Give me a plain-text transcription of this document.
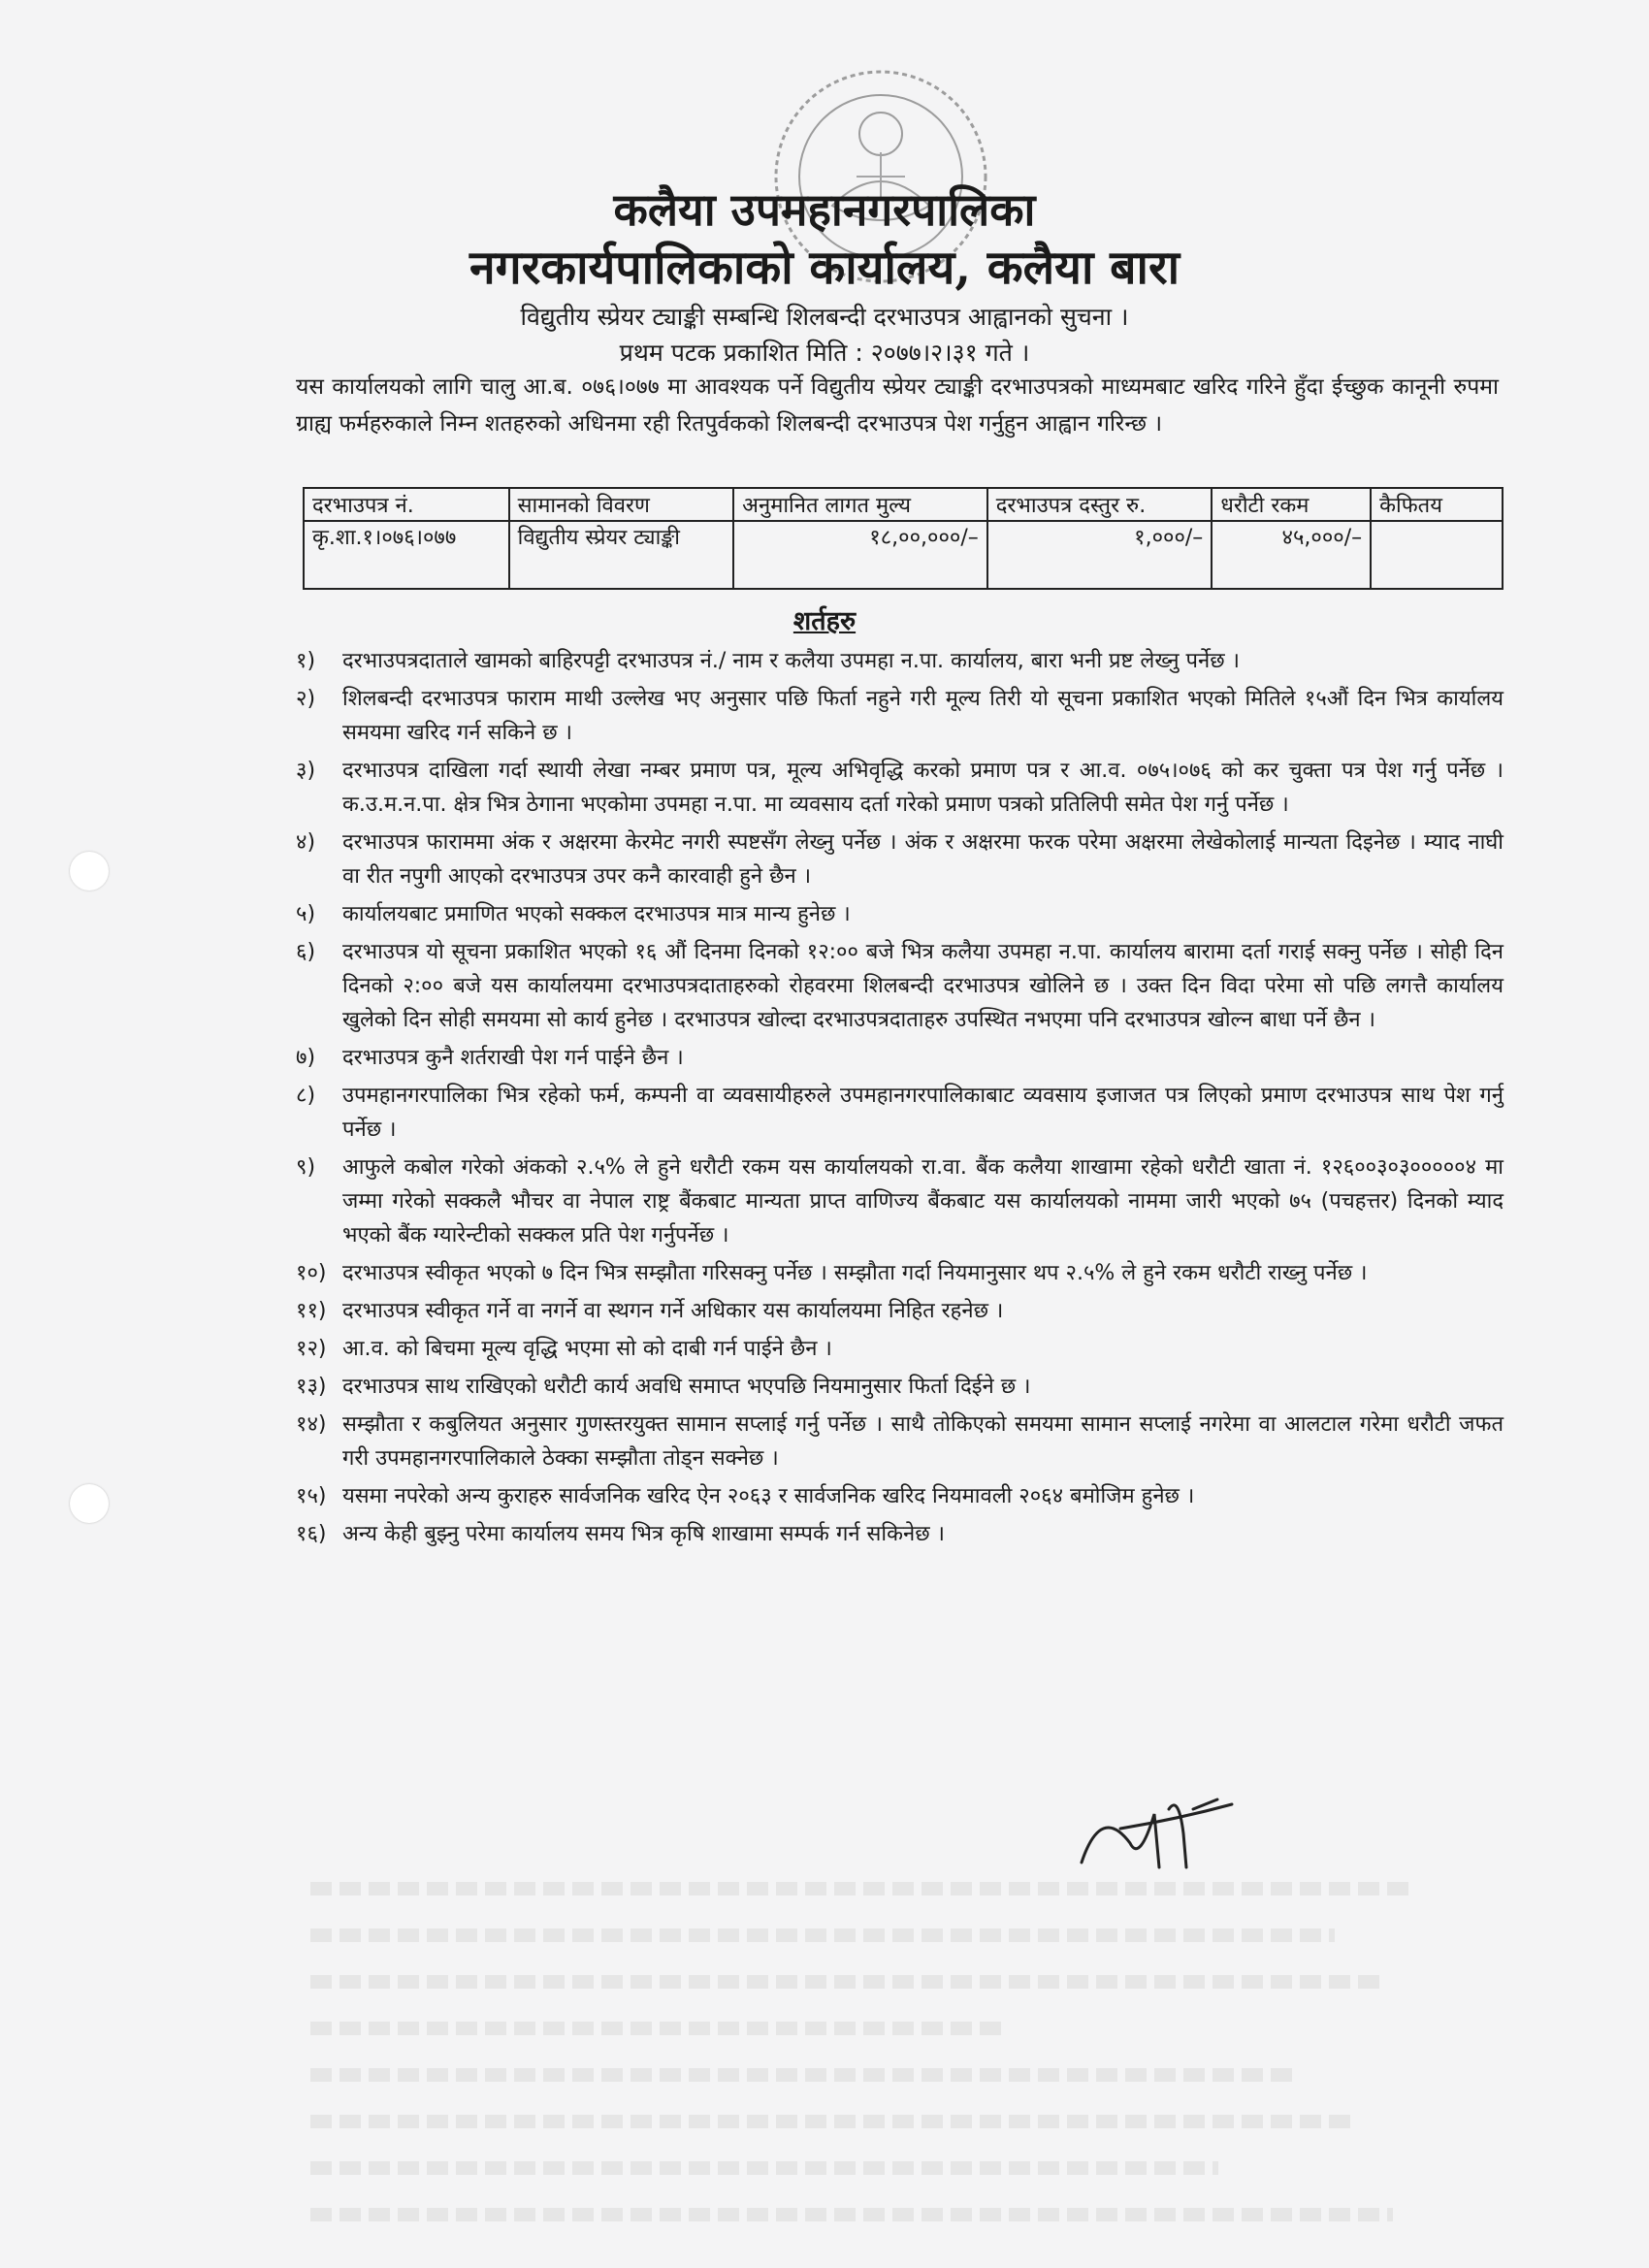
कलैया उपमहानगरपालिका
नगरकार्यपालिकाको कार्यालय, कलैया बारा
विद्युतीय स्प्रेयर ट्याङ्की सम्बन्धि शिलबन्दी दरभाउपत्र आह्वानको सुचना ।
प्रथम पटक प्रकाशित मिति : २०७७।२।३१ गते ।
यस कार्यालयको लागि चालु आ.ब. ०७६।०७७ मा आवश्यक पर्ने विद्युतीय स्प्रेयर ट्याङ्की दरभाउपत्रको माध्यमबाट खरिद गरिने हुँदा ईच्छुक कानूनी रुपमा ग्राह्य फर्महरुकाले निम्न शतहरुको अधिनमा रही रितपुर्वकको शिलबन्दी दरभाउपत्र पेश गर्नुहुन आह्वान गरिन्छ ।
दरभाउपत्र नं.	सामानको विवरण	अनुमानित लागत मुल्य	दरभाउपत्र दस्तुर रु.	धरौटी रकम	कैफितय
कृ.शा.१।०७६।०७७	विद्युतीय स्प्रेयर ट्याङ्की	१८,००,०००/–	१,०००/–	४५,०००/–	
शर्तहरु
१)	दरभाउपत्रदाताले खामको बाहिरपट्टी दरभाउपत्र नं./ नाम र कलैया उपमहा न.पा. कार्यालय, बारा भनी प्रष्ट लेख्नु पर्नेछ ।
२)	शिलबन्दी दरभाउपत्र फाराम माथी उल्लेख भए अनुसार पछि फिर्ता नहुने गरी मूल्य तिरी यो सूचना प्रकाशित भएको मितिले १५औं दिन भित्र कार्यालय समयमा खरिद गर्न सकिने छ ।
३)	दरभाउपत्र दाखिला गर्दा स्थायी लेखा नम्बर प्रमाण पत्र, मूल्य अभिवृद्धि करको प्रमाण पत्र र आ.व. ०७५।०७६ को कर चुक्ता पत्र पेश गर्नु पर्नेछ । क.उ.म.न.पा. क्षेत्र भित्र ठेगाना भएकोमा उपमहा न.पा. मा व्यवसाय दर्ता गरेको प्रमाण पत्रको प्रतिलिपी समेत पेश गर्नु पर्नेछ ।
४)	दरभाउपत्र फाराममा अंक र अक्षरमा केरमेट नगरी स्पष्टसँग लेख्नु पर्नेछ । अंक र अक्षरमा फरक परेमा अक्षरमा लेखेकोलाई मान्यता दिइनेछ । म्याद नाघी वा रीत नपुगी आएको दरभाउपत्र उपर कनै कारवाही हुने छैन ।
५)	कार्यालयबाट प्रमाणित भएको सक्कल दरभाउपत्र मात्र मान्य हुनेछ ।
६)	दरभाउपत्र यो सूचना प्रकाशित भएको १६ औं दिनमा दिनको १२:०० बजे भित्र कलैया उपमहा न.पा. कार्यालय बारामा दर्ता गराई सक्नु पर्नेछ । सोही दिन दिनको २:०० बजे यस कार्यालयमा दरभाउपत्रदाताहरुको रोहवरमा शिलबन्दी दरभाउपत्र खोलिने छ । उक्त दिन विदा परेमा सो पछि लगत्तै कार्यालय खुलेको दिन सोही समयमा सो कार्य हुनेछ । दरभाउपत्र खोल्दा दरभाउपत्रदाताहरु उपस्थित नभएमा पनि दरभाउपत्र खोल्न बाधा पर्ने छैन ।
७)	दरभाउपत्र कुनै शर्तराखी पेश गर्न पाईने छैन ।
८)	उपमहानगरपालिका भित्र रहेको फर्म, कम्पनी वा व्यवसायीहरुले उपमहानगरपालिकाबाट व्यवसाय इजाजत पत्र लिएको प्रमाण दरभाउपत्र साथ पेश गर्नु पर्नेछ ।
९)	आफुले कबोल गरेको अंकको २.५% ले हुने धरौटी रकम यस कार्यालयको रा.वा. बैंक कलैया शाखामा रहेको धरौटी खाता नं. १२६००३०३०००००४ मा जम्मा गरेको सक्कलै भौचर वा नेपाल राष्ट्र बैंकबाट मान्यता प्राप्त वाणिज्य बैंकबाट यस कार्यालयको नाममा जारी भएको ७५ (पचहत्तर) दिनको म्याद भएको बैंक ग्यारेन्टीको सक्कल प्रति पेश गर्नुपर्नेछ ।
१०) दरभाउपत्र स्वीकृत भएको ७ दिन भित्र सम्झौता गरिसक्नु पर्नेछ । सम्झौता गर्दा नियमानुसार थप २.५% ले हुने रकम धरौटी राख्नु पर्नेछ ।
११) दरभाउपत्र स्वीकृत गर्ने वा नगर्ने वा स्थगन गर्ने अधिकार यस कार्यालयमा निहित रहनेछ ।
१२) आ.व. को बिचमा मूल्य वृद्धि भएमा सो को दाबी गर्न पाईने छैन ।
१३) दरभाउपत्र साथ राखिएको धरौटी कार्य अवधि समाप्त भएपछि नियमानुसार फिर्ता दिईने छ ।
१४) सम्झौता र कबुलियत अनुसार गुणस्तरयुक्त सामान सप्लाई गर्नु पर्नेछ । साथै तोकिएको समयमा सामान सप्लाई नगरेमा वा आलटाल गरेमा धरौटी जफत गरी उपमहानगरपालिकाले ठेक्का सम्झौता तोड्न सक्नेछ ।
१५) यसमा नपरेको अन्य कुराहरु सार्वजनिक खरिद ऐन २०६३ र सार्वजनिक खरिद नियमावली २०६४ बमोजिम हुनेछ ।
१६) अन्य केही बुझ्नु परेमा कार्यालय समय भित्र कृषि शाखामा सम्पर्क गर्न सकिनेछ ।
